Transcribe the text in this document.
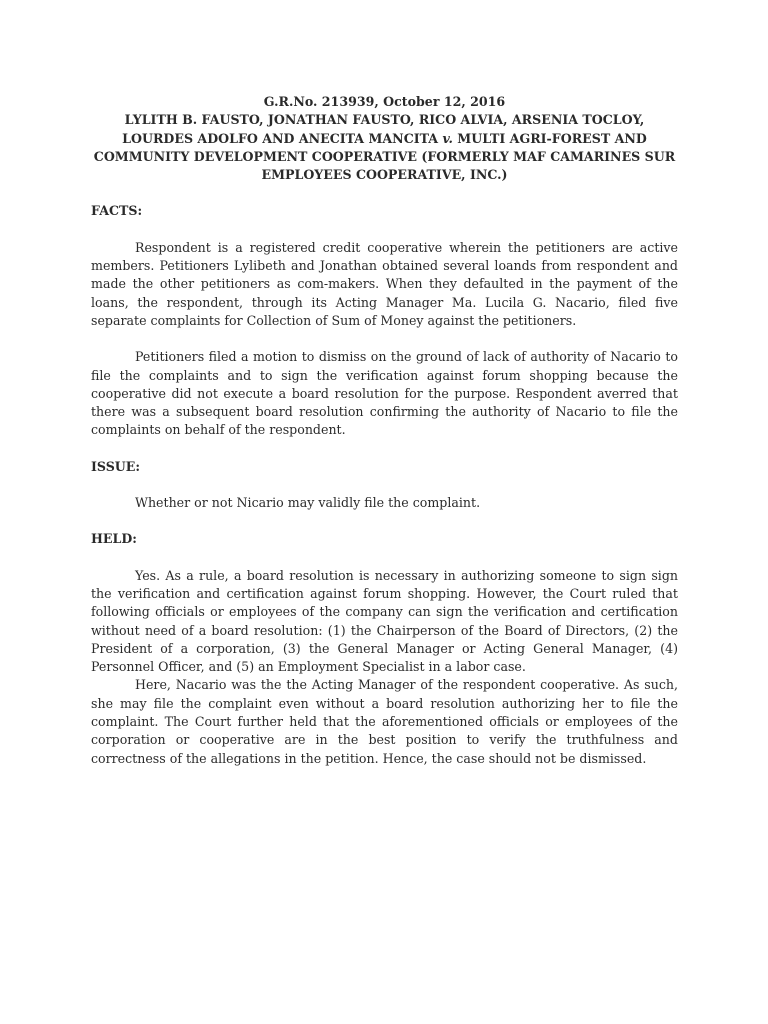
G.R.No. 213939, October 12, 2016
LYLITH B. FAUSTO, JONATHAN FAUSTO, RICO ALVIA, ARSENIA TOCLOY, LOURDES ADOLFO AND ANECITA MANCITA v. MULTI AGRI-FOREST AND COMMUNITY DEVELOPMENT COOPERATIVE (FORMERLY MAF CAMARINES SUR EMPLOYEES COOPERATIVE, INC.)
FACTS:

Respondent is a registered credit cooperative wherein the petitioners are active members. Petitioners Lylibeth and Jonathan obtained several loands from respondent and made the other petitioners as com-makers. When they defaulted in the payment of the loans, the respondent, through its Acting Manager Ma. Lucila G. Nacario, filed five separate complaints for Collection of Sum of Money against the petitioners.

Petitioners filed a motion to dismiss on the ground of lack of authority of Nacario to file the complaints and to sign the verification against forum shopping because the cooperative did not execute a board resolution for the purpose. Respondent averred that there was a subsequent board resolution confirming the authority of Nacario to file the complaints on behalf of the respondent.

ISSUE:

Whether or not Nicario may validly file the complaint.

HELD:

Yes. As a rule, a board resolution is necessary in authorizing someone to sign sign the verification and certification against forum shopping. However, the Court ruled that following officials or employees of the company can sign the verification and certification without need of a board resolution: (1) the Chairperson of the Board of Directors, (2) the President of a corporation, (3) the General Manager or Acting General Manager, (4) Personnel Officer, and (5) an Employment Specialist in a labor case.

Here, Nacario was the the Acting Manager of the respondent cooperative. As such, she may file the complaint even without a board resolution authorizing her to file the complaint. The Court further held that the aforementioned officials or employees of the corporation or cooperative are in the best position to verify the truthfulness and correctness of the allegations in the petition. Hence, the case should not be dismissed.
